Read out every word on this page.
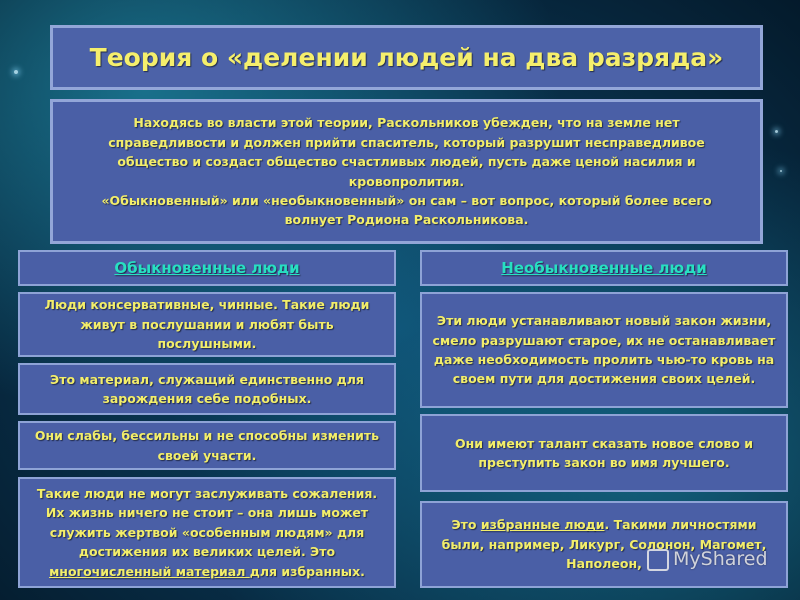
Теория о «делении людей на два разряда»
Находясь во власти этой теории, Раскольников убежден, что на земле нет справедливости и должен прийти спаситель, который разрушит несправедливое общество и создаст общество счастливых людей, пусть даже ценой насилия и кровопролития.
«Обыкновенный» или «необыкновенный» он сам – вот вопрос, который более всего волнует Родиона Раскольникова.
Обыкновенные люди	Необыкновенные люди
Люди консервативные, чинные. Такие люди живут в послушании и любят быть послушными.
Это материал, служащий единственно для зарождения себе подобных.
Они слабы, бессильны и не способны изменить своей участи.
Такие люди не могут заслуживать сожаления. Их жизнь ничего не стоит – она лишь может служить жертвой «особенным людям» для достижения их великих целей. Это многочисленный материал для избранных.
Эти люди устанавливают новый закон жизни, смело разрушают старое, их не останавливает даже необходимость пролить чью-то кровь на своем пути для достижения своих целей.
Они имеют талант сказать новое слово и преступить закон во имя лучшего.
Это избранные люди. Такими личностями были, например, Ликург, Солонон, Магомет, Наполеон,	MyShared
